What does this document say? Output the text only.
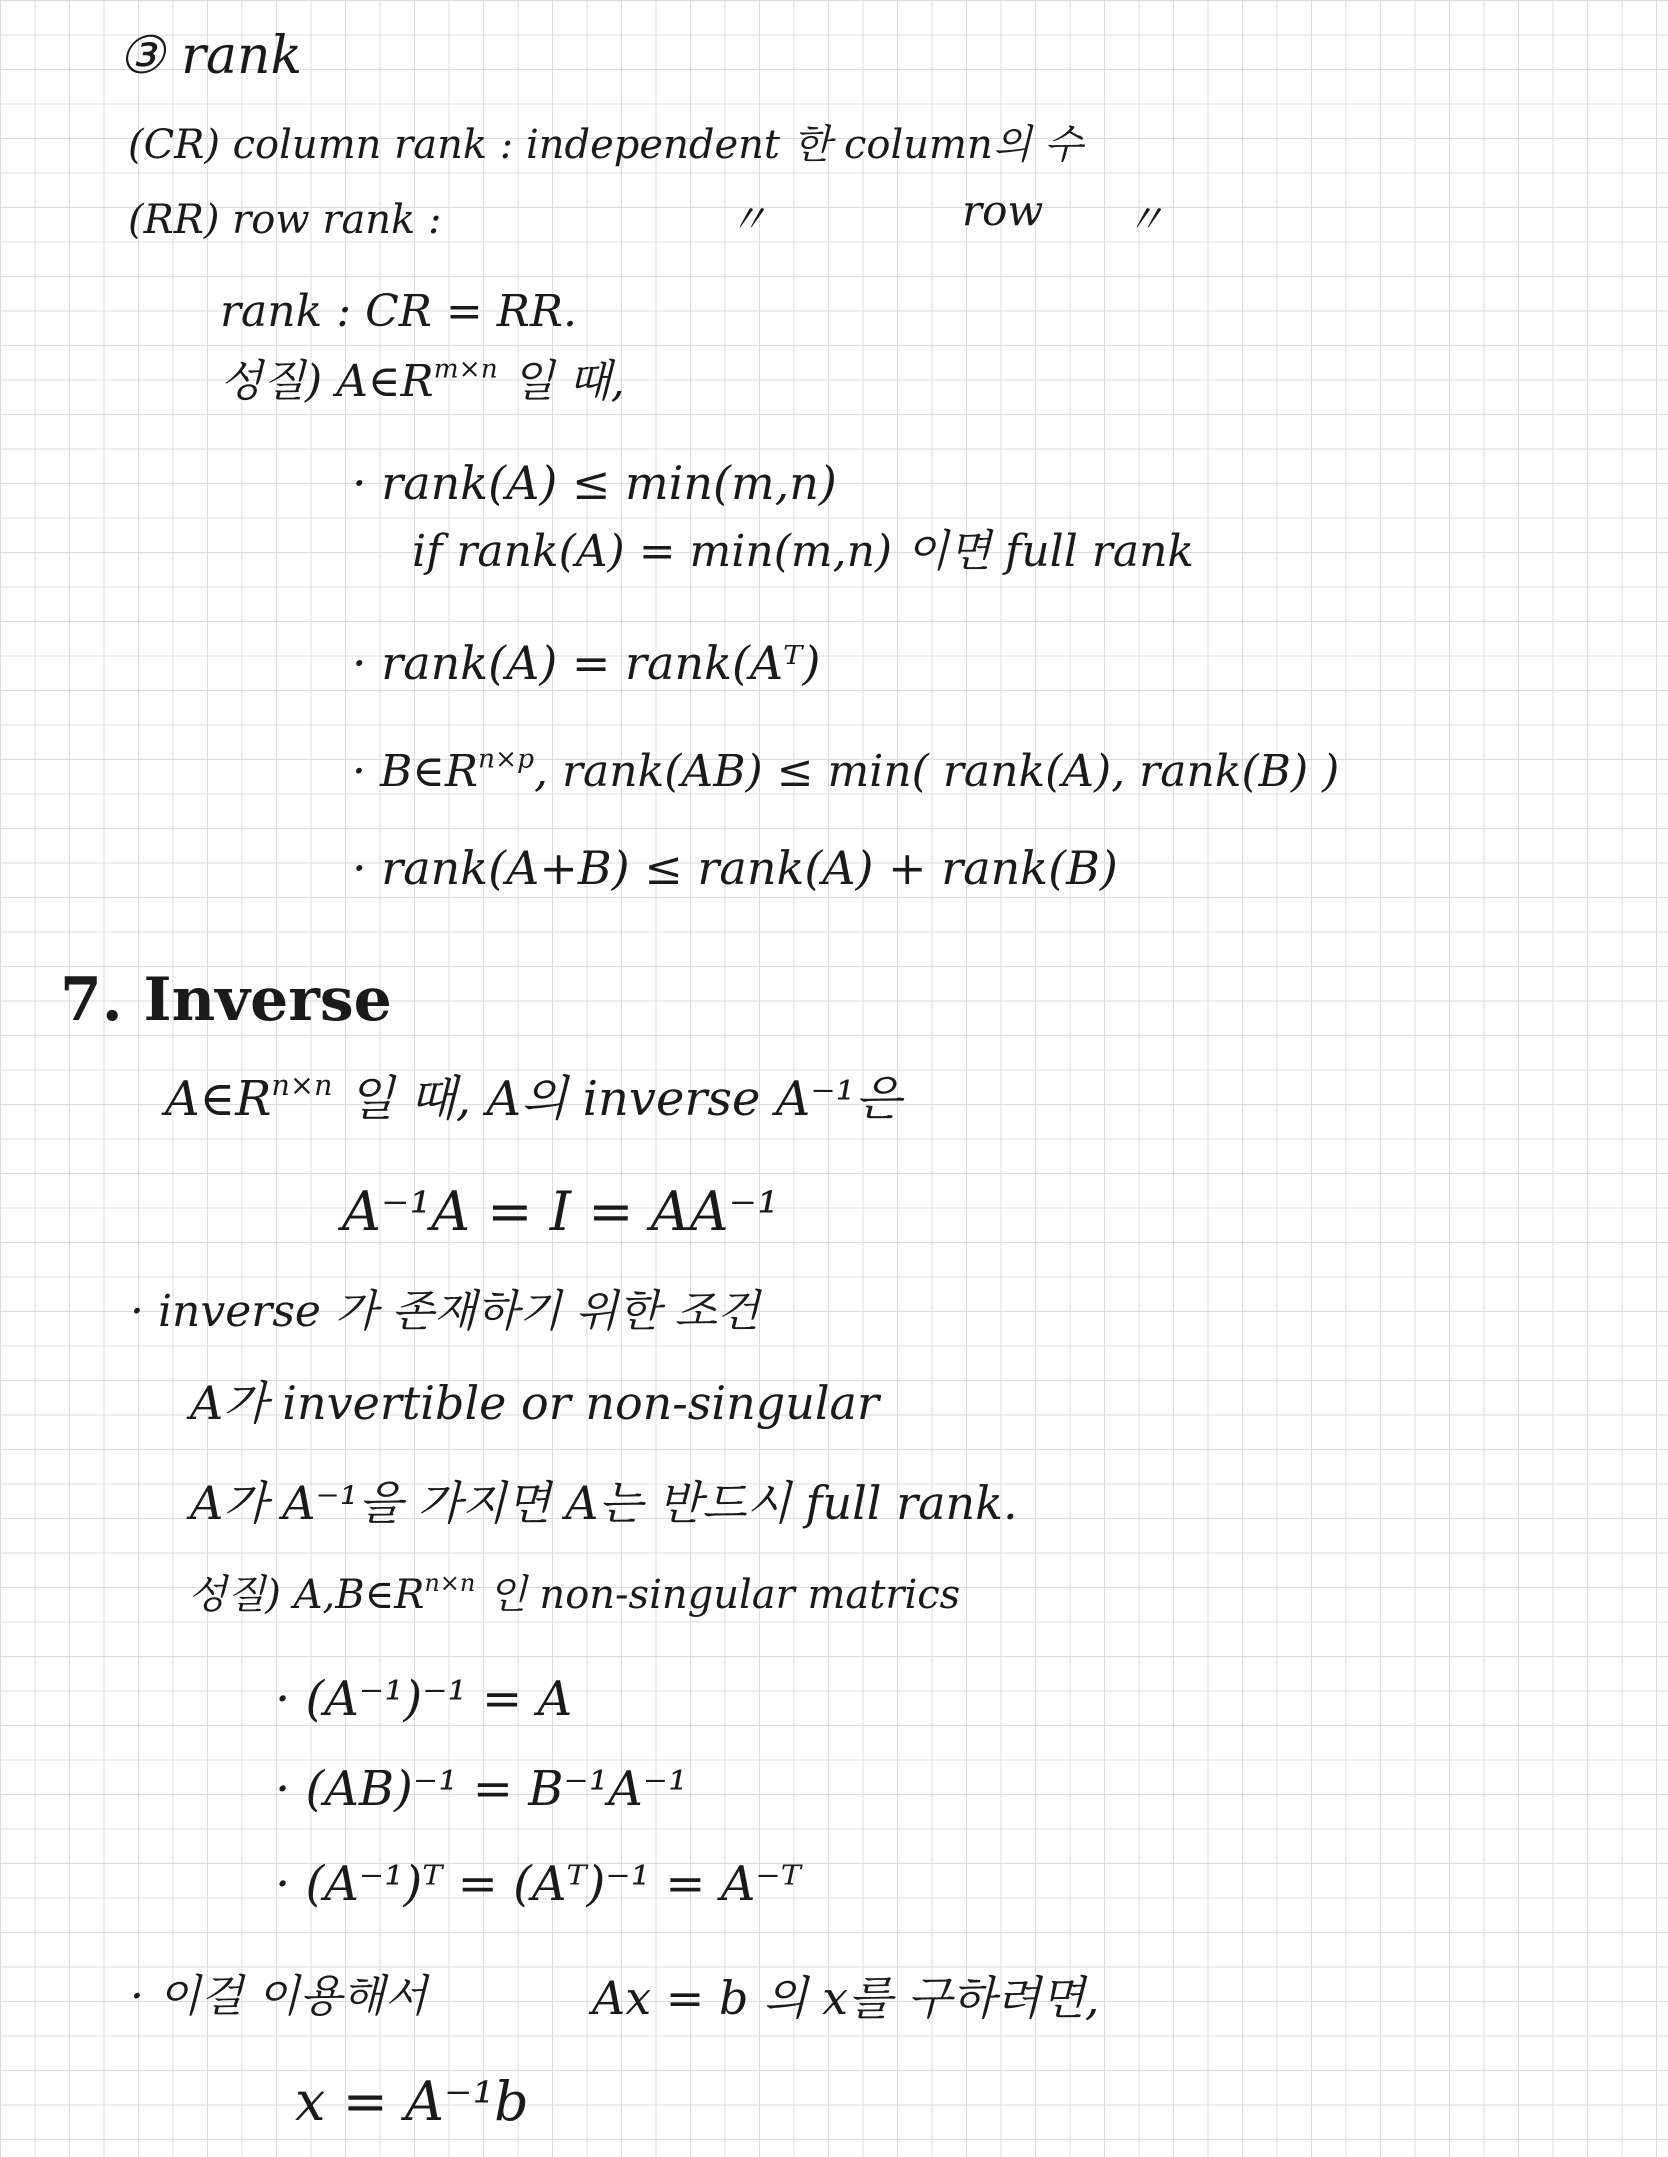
③ rank
(CR) column rank : independent 한 column의 수
(RR) row rank :	〃	row 〃
rank : CR = RR.
성질) $A\in R^{m\times n}$ 일 때,
· rank(A) ≤ min(m,n)
if rank(A) = min(m,n) 이면 full rank
· rank(A) = rank(Aᵀ)
· $B\in R^{n\times p}$, rank(AB) ≤ min( rank(A), rank(B) )
· rank(A+B) ≤ rank(A) + rank(B)
7. Inverse
$A\in R^{n\times n}$ 일 때, A의 inverse A⁻¹은
A⁻¹A = I = AA⁻¹
· inverse 가 존재하기 위한 조건
A가 invertible or non-singular
A가 A⁻¹을 가지면 A는 반드시 full rank.
성질) $A,B\in R^{n\times n}$ 인 non-singular matrics
· (A⁻¹)⁻¹ = A
· (AB)⁻¹ = B⁻¹A⁻¹
· (A⁻¹)ᵀ = (Aᵀ)⁻¹ = A⁻ᵀ
· 이걸 이용해서	Ax = b 의 x를 구하려면,
x = A⁻¹b
